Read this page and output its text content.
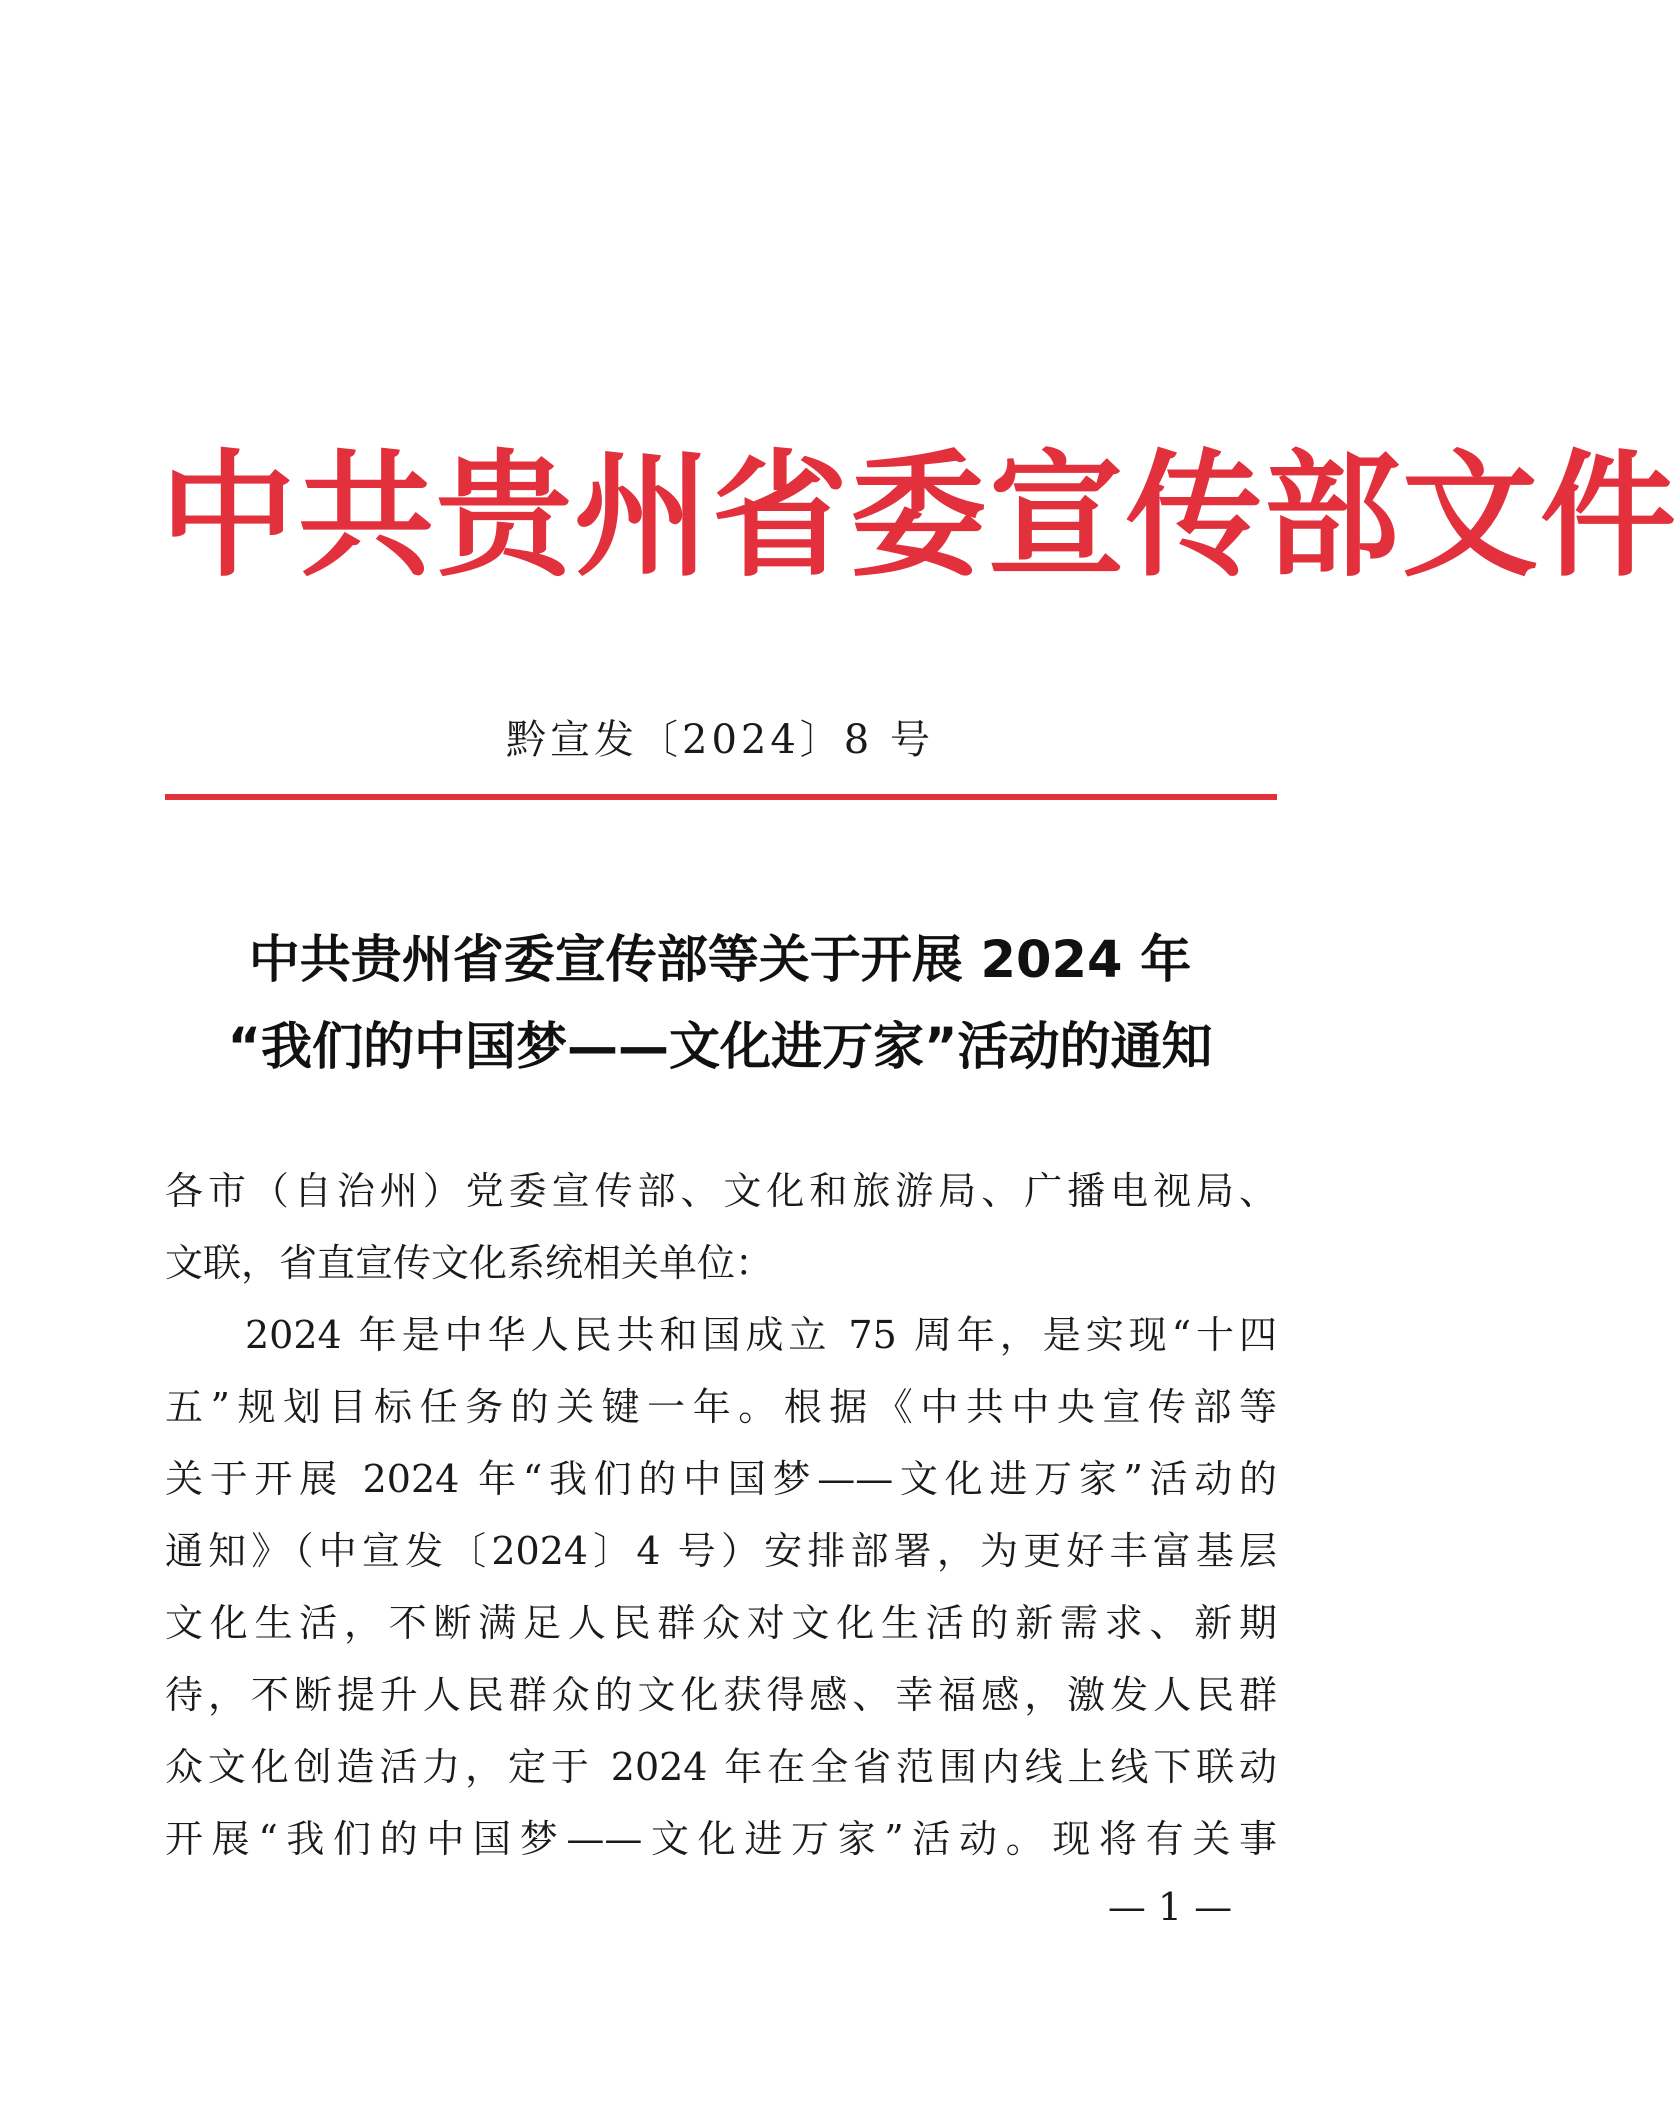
中共贵州省委宣传部文件
黔宣发〔2024〕8 号
中共贵州省委宣传部等关于开展 2024 年
“我们的中国梦——文化进万家”活动的通知
各市（自治州）党委宣传部、文化和旅游局、广播电视局、
文联，省直宣传文化系统相关单位：
2024 年是中华人民共和国成立 75 周年，是实现“十四
五”规划目标任务的关键一年。根据《中共中央宣传部等
关于开展 2024 年“我们的中国梦——文化进万家”活动的
通知》（中宣发〔2024〕4 号）安排部署，为更好丰富基层
文化生活，不断满足人民群众对文化生活的新需求、新期
待，不断提升人民群众的文化获得感、幸福感，激发人民群
众文化创造活力，定于 2024 年在全省范围内线上线下联动
开展“我们的中国梦——文化进万家”活动。现将有关事
— 1 —
